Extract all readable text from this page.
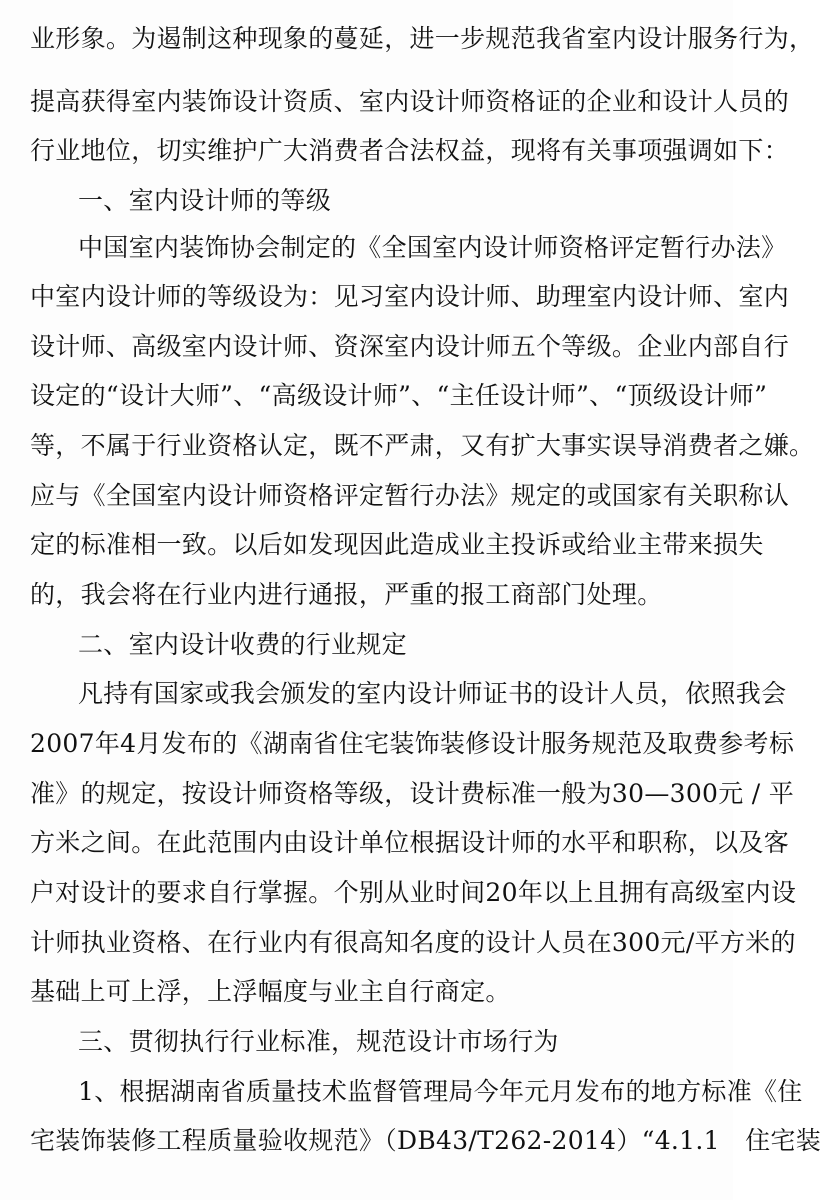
业形象。为遏制这种现象的蔓延，进一步规范我省室内设计服务行为，
提高获得室内装饰设计资质、室内设计师资格证的企业和设计人员的
行业地位，切实维护广大消费者合法权益，现将有关事项强调如下：
一、室内设计师的等级
中国室内装饰协会制定的《全国室内设计师资格评定暂行办法》
中室内设计师的等级设为：见习室内设计师、助理室内设计师、室内
设计师、高级室内设计师、资深室内设计师五个等级。企业内部自行
设定的“设计大师”、“高级设计师”、“主任设计师”、“顶级设计师”
等，不属于行业资格认定，既不严肃，又有扩大事实误导消费者之嫌。
应与《全国室内设计师资格评定暂行办法》规定的或国家有关职称认
定的标准相一致。以后如发现因此造成业主投诉或给业主带来损失
的，我会将在行业内进行通报，严重的报工商部门处理。
二、室内设计收费的行业规定
凡持有国家或我会颁发的室内设计师证书的设计人员，依照我会
2007年4月发布的《湖南省住宅装饰装修设计服务规范及取费参考标
准》的规定，按设计师资格等级，设计费标准一般为30—300元 / 平
方米之间。在此范围内由设计单位根据设计师的水平和职称，以及客
户对设计的要求自行掌握。个别从业时间20年以上且拥有高级室内设
计师执业资格、在行业内有很高知名度的设计人员在300元/平方米的
基础上可上浮，上浮幅度与业主自行商定。
三、贯彻执行行业标准，规范设计市场行为
1、根据湖南省质量技术监督管理局今年元月发布的地方标准《住
宅装饰装修工程质量验收规范》（DB43/T262-2014）“4.1.1　住宅装
